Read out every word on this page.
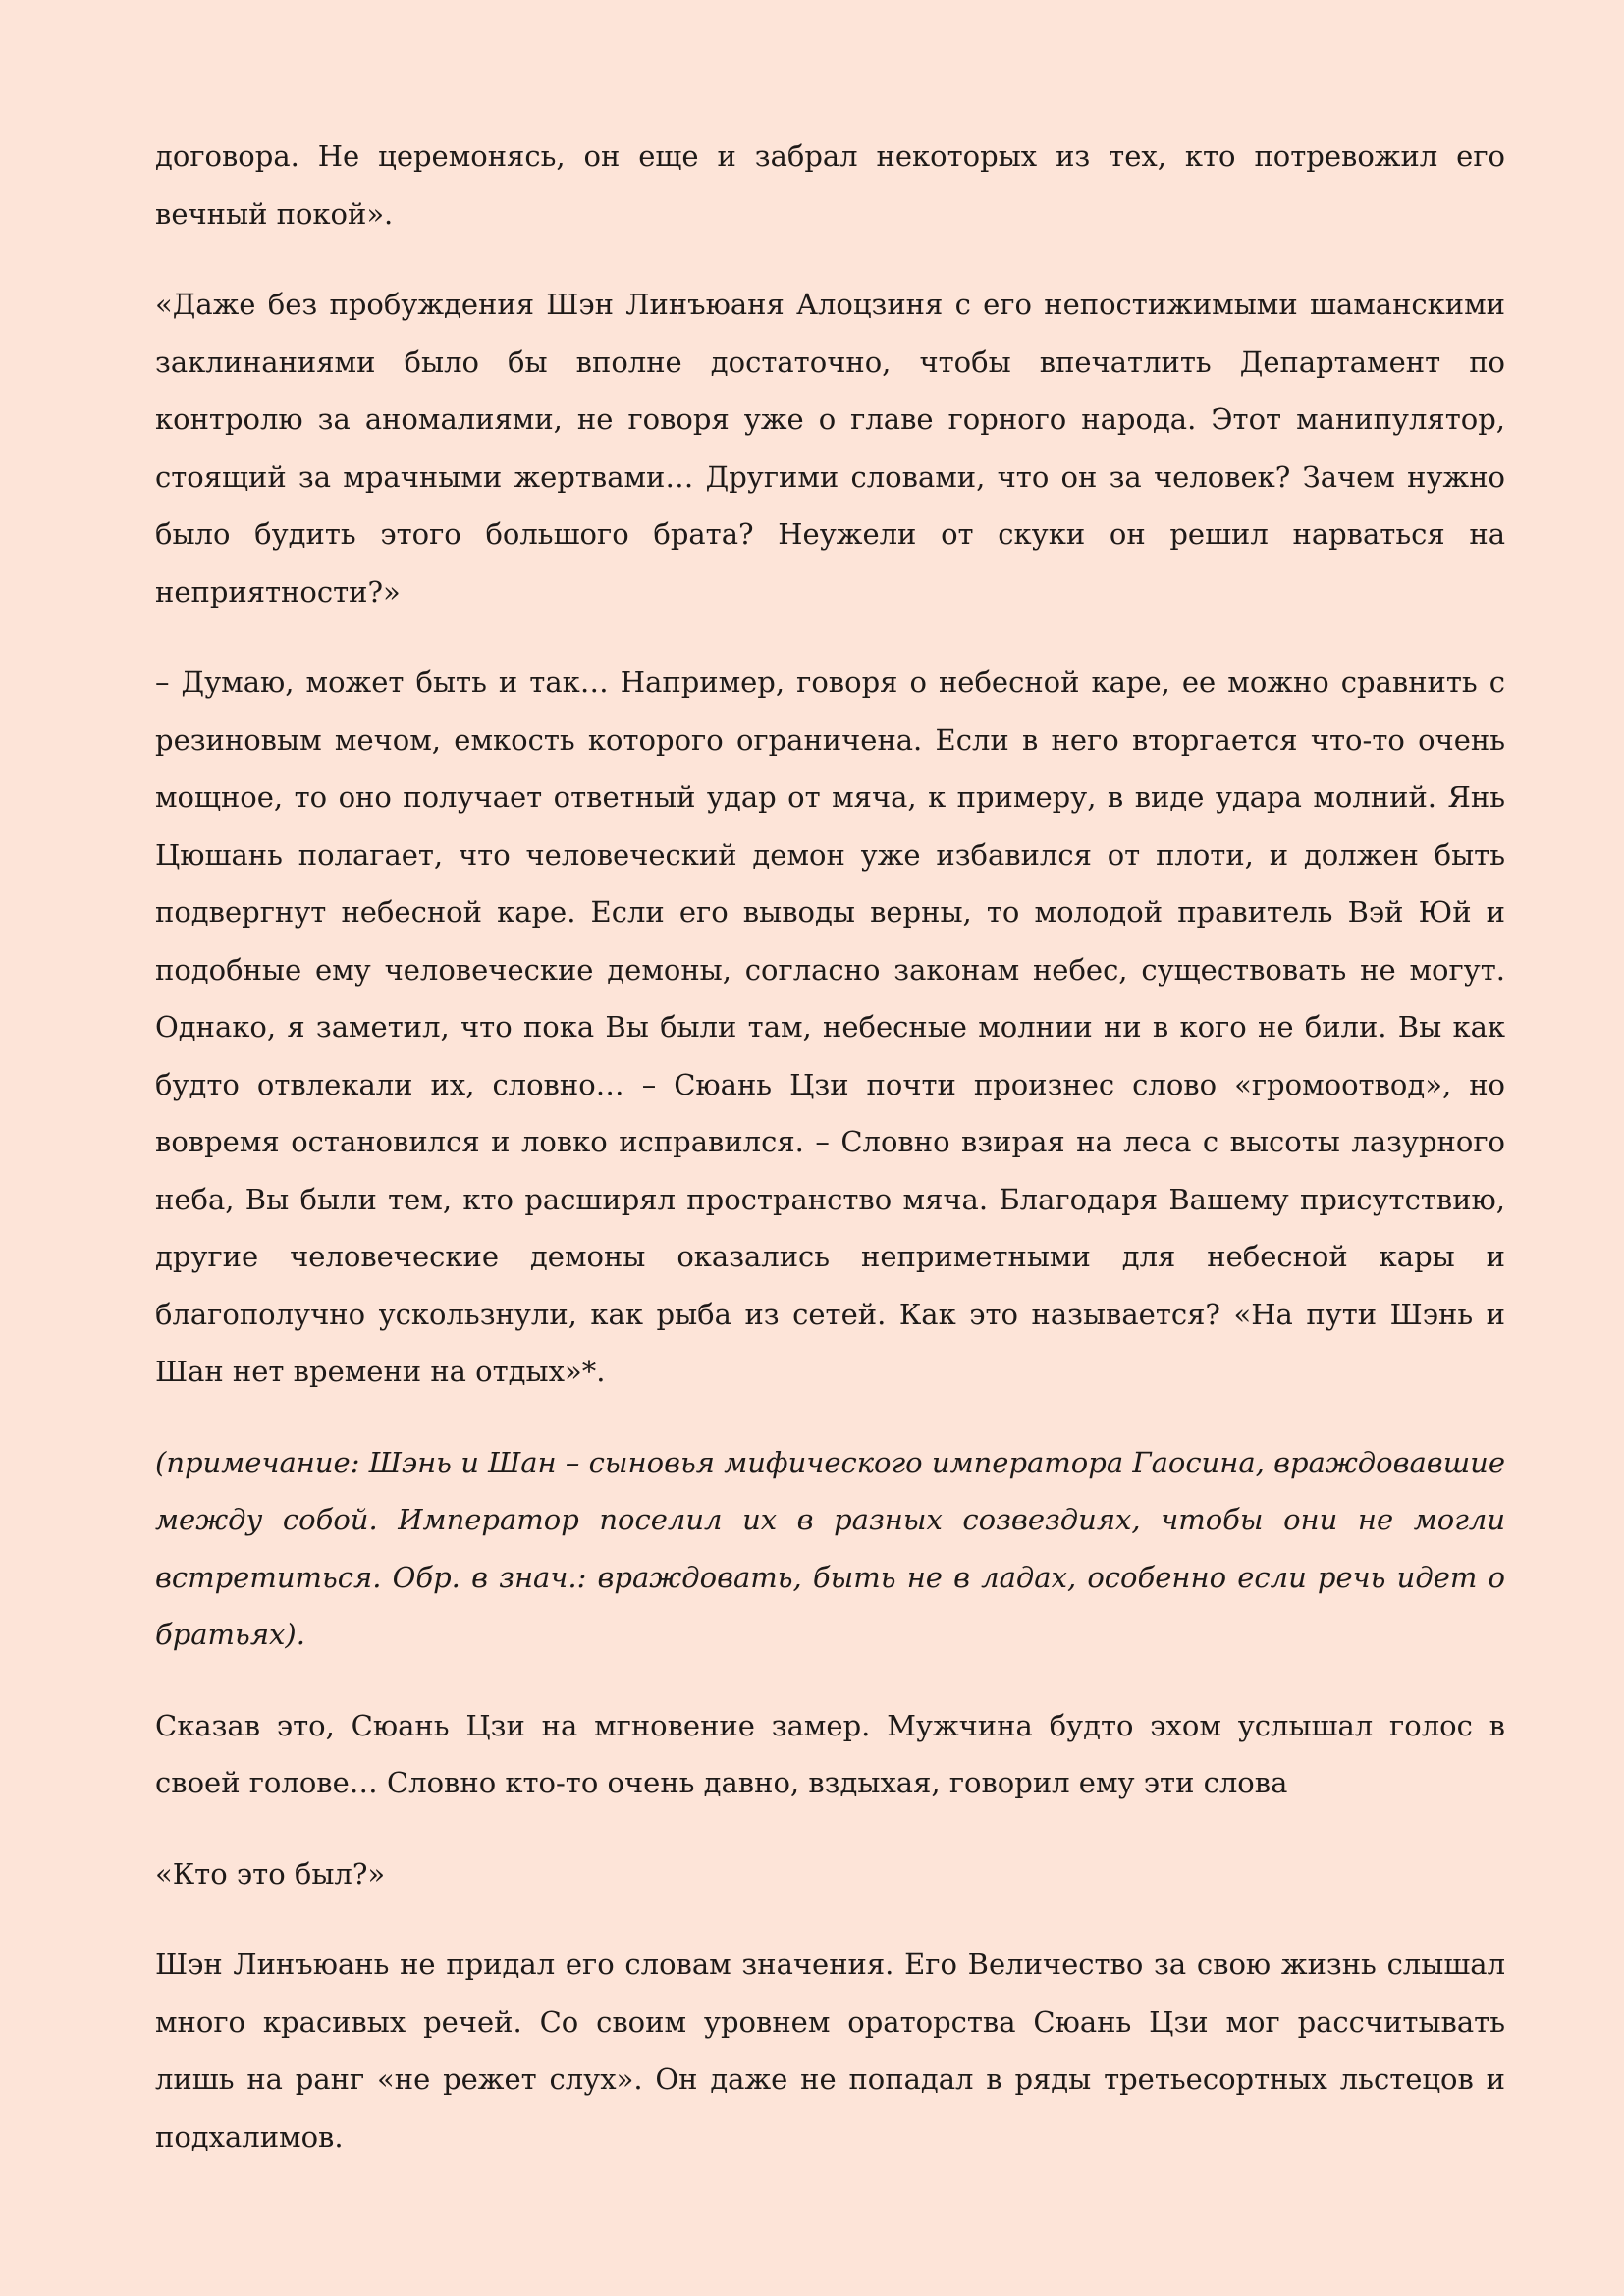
договора. Не церемонясь, он еще и забрал некоторых из тех, кто потревожил его вечный покой».

«Даже без пробуждения Шэн Линъюаня Алоцзиня с его непостижимыми шаманскими заклинаниями было бы вполне достаточно, чтобы впечатлить Департамент по контролю за аномалиями, не говоря уже о главе горного народа. Этот манипулятор, стоящий за мрачными жертвами… Другими словами, что он за человек? Зачем нужно было будить этого большого брата? Неужели от скуки он решил нарваться на неприятности?»

– Думаю, может быть и так… Например, говоря о небесной каре, ее можно сравнить с резиновым мечом, емкость которого ограничена. Если в него вторгается что-то очень мощное, то оно получает ответный удар от мяча, к примеру, в виде удара молний. Янь Цюшань полагает, что человеческий демон уже избавился от плоти, и должен быть подвергнут небесной каре. Если его выводы верны, то молодой правитель Вэй Юй и подобные ему человеческие демоны, согласно законам небес, существовать не могут. Однако, я заметил, что пока Вы были там, небесные молнии ни в кого не били. Вы как будто отвлекали их, словно… – Сюань Цзи почти произнес слово «громоотвод», но вовремя остановился и ловко исправился. – Словно взирая на леса с высоты лазурного неба, Вы были тем, кто расширял пространство мяча. Благодаря Вашему присутствию, другие человеческие демоны оказались неприметными для небесной кары и благополучно ускользнули, как рыба из сетей. Как это называется? «На пути Шэнь и Шан нет времени на отдых»*.

(примечание: Шэнь и Шан – сыновья мифического императора Гаосина, враждовавшие между собой. Император поселил их в разных созвездиях, чтобы они не могли встретиться. Обр. в знач.: враждовать, быть не в ладах, особенно если речь идет о братьях).

Сказав это, Сюань Цзи на мгновение замер. Мужчина будто эхом услышал голос в своей голове… Словно кто-то очень давно, вздыхая, говорил ему эти слова

«Кто это был?»

Шэн Линъюань не придал его словам значения. Его Величество за свою жизнь слышал много красивых речей. Со своим уровнем ораторства Сюань Цзи мог рассчитывать лишь на ранг «не режет слух». Он даже не попадал в ряды третьесортных льстецов и подхалимов.
